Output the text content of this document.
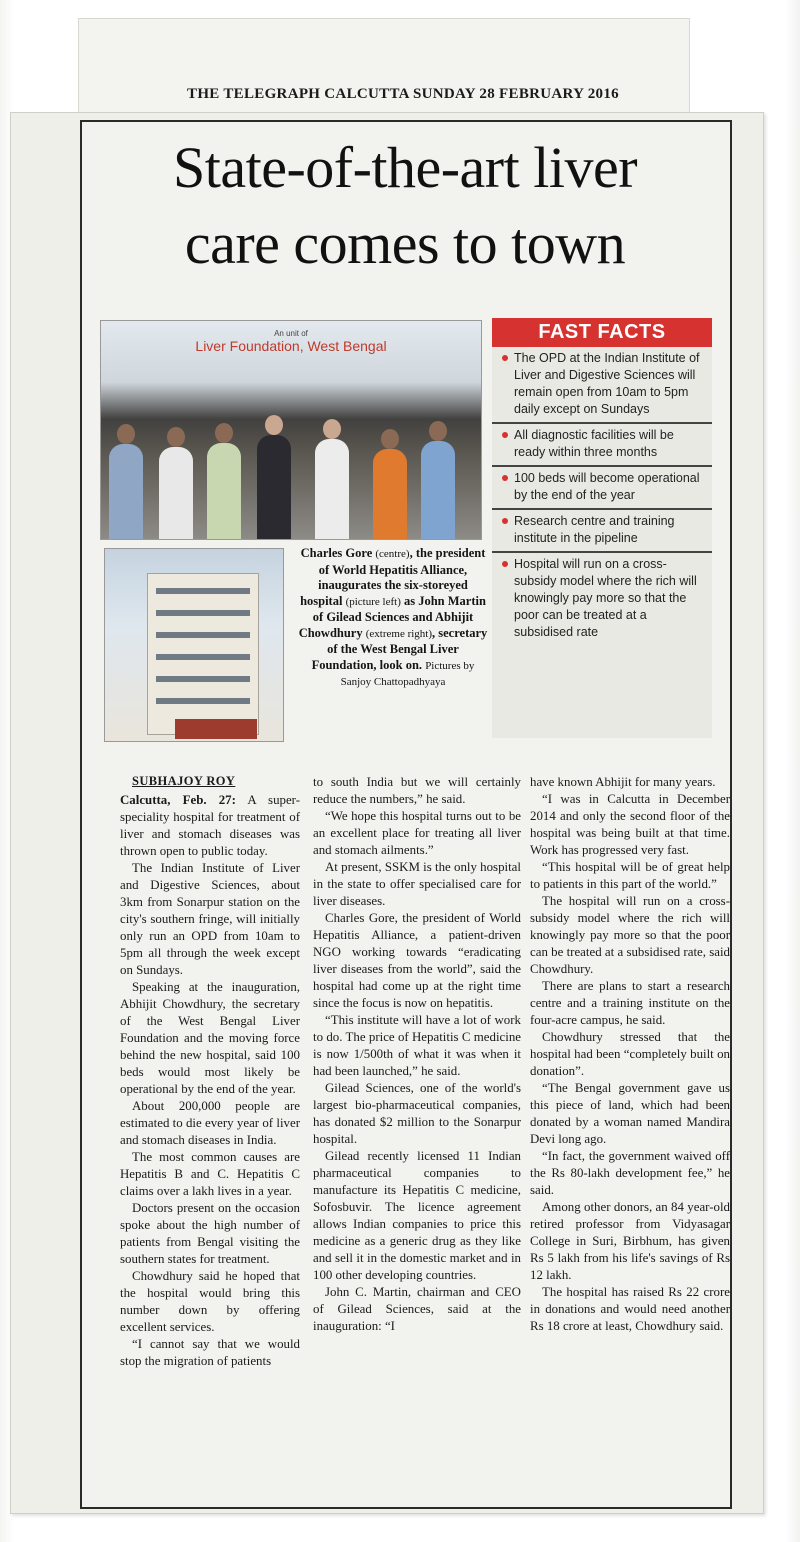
THE TELEGRAPH CALCUTTA SUNDAY 28 FEBRUARY 2016
State-of-the-art liver
care comes to town
An unit of
Liver Foundation, West Bengal
Charles Gore (centre), the president of World Hepatitis Alliance, inaugurates the six-storeyed hospital (picture left) as John Martin of Gilead Sciences and Abhijit Chowdhury (extreme right), secretary of the West Bengal Liver Foundation, look on. Pictures by Sanjoy Chattopadhyaya
FAST FACTS
The OPD at the Indian Institute of Liver and Digestive Sciences will remain open from 10am to 5pm daily except on Sundays
All diagnostic facilities will be ready within three months
100 beds will become operational by the end of the year
Research centre and training institute in the pipeline
Hospital will run on a cross-subsidy model where the rich will knowingly pay more so that the poor can be treated at a subsidised rate
SUBHAJOY ROY

Calcutta, Feb. 27: A super-speciality hospital for treatment of liver and stomach diseases was thrown open to public today.

The Indian Institute of Liver and Digestive Sciences, about 3km from Sonarpur station on the city's southern fringe, will initially only run an OPD from 10am to 5pm all through the week except on Sundays.

Speaking at the inauguration, Abhijit Chowdhury, the secretary of the West Bengal Liver Foundation and the moving force behind the new hospital, said 100 beds would most likely be operational by the end of the year.

About 200,000 people are estimated to die every year of liver and stomach diseases in India.

The most common causes are Hepatitis B and C. Hepatitis C claims over a lakh lives in a year.

Doctors present on the occasion spoke about the high number of patients from Bengal visiting the southern states for treatment.

Chowdhury said he hoped that the hospital would bring this number down by offering excellent services.

“I cannot say that we would stop the migration of patients

to south India but we will certainly reduce the numbers,” he said.

“We hope this hospital turns out to be an excellent place for treating all liver and stomach ailments.”

At present, SSKM is the only hospital in the state to offer specialised care for liver diseases.

Charles Gore, the president of World Hepatitis Alliance, a patient-driven NGO working towards “eradicating liver diseases from the world”, said the hospital had come up at the right time since the focus is now on hepatitis.

“This institute will have a lot of work to do. The price of Hepatitis C medicine is now 1/500th of what it was when it had been launched,” he said.

Gilead Sciences, one of the world's largest bio-pharmaceutical companies, has donated $2 million to the Sonarpur hospital.

Gilead recently licensed 11 Indian pharmaceutical companies to manufacture its Hepatitis C medicine, Sofosbuvir. The licence agreement allows Indian companies to price this medicine as a generic drug as they like and sell it in the domestic market and in 100 other developing countries.

John C. Martin, chairman and CEO of Gilead Sciences, said at the inauguration: “I

have known Abhijit for many years.

“I was in Calcutta in December 2014 and only the second floor of the hospital was being built at that time. Work has progressed very fast.

“This hospital will be of great help to patients in this part of the world.”

The hospital will run on a cross-subsidy model where the rich will knowingly pay more so that the poor can be treated at a subsidised rate, said Chowdhury.

There are plans to start a research centre and a training institute on the four-acre campus, he said.

Chowdhury stressed that the hospital had been “completely built on donation”.

“The Bengal government gave us this piece of land, which had been donated by a woman named Mandira Devi long ago.

“In fact, the government waived off the Rs 80-lakh development fee,” he said.

Among other donors, an 84 year-old retired professor from Vidyasagar College in Suri, Birbhum, has given Rs 5 lakh from his life's savings of Rs 12 lakh.

The hospital has raised Rs 22 crore in donations and would need another Rs 18 crore at least, Chowdhury said.
